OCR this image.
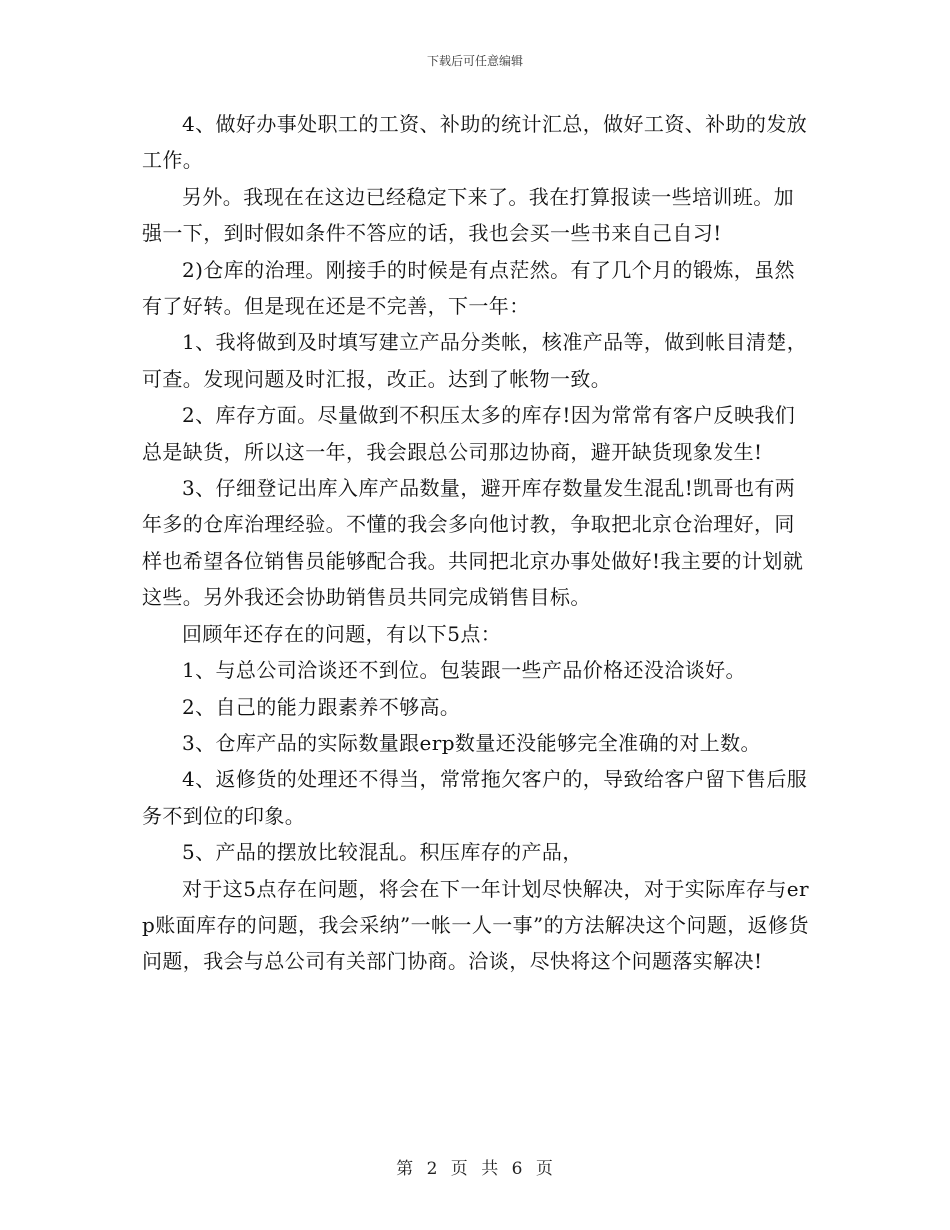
下载后可任意编辑

4、做好办事处职工的工资、补助的统计汇总，做好工资、补助的发放工作。

另外。我现在在这边已经稳定下来了。我在打算报读一些培训班。加强一下，到时假如条件不答应的话，我也会买一些书来自己自习!

2)仓库的治理。刚接手的时候是有点茫然。有了几个月的锻炼，虽然有了好转。但是现在还是不完善，下一年：

1、我将做到及时填写建立产品分类帐，核准产品等，做到帐目清楚，可查。发现问题及时汇报，改正。达到了帐物一致。

2、库存方面。尽量做到不积压太多的库存!因为常常有客户反映我们总是缺货，所以这一年，我会跟总公司那边协商，避开缺货现象发生!

3、仔细登记出库入库产品数量，避开库存数量发生混乱!凯哥也有两年多的仓库治理经验。不懂的我会多向他讨教，争取把北京仓治理好，同样也希望各位销售员能够配合我。共同把北京办事处做好!我主要的计划就这些。另外我还会协助销售员共同完成销售目标。

回顾年还存在的问题，有以下5点：

1、与总公司洽谈还不到位。包装跟一些产品价格还没洽谈好。

2、自己的能力跟素养不够高。

3、仓库产品的实际数量跟erp数量还没能够完全准确的对上数。

4、返修货的处理还不得当，常常拖欠客户的，导致给客户留下售后服务不到位的印象。

5、产品的摆放比较混乱。积压库存的产品，

对于这5点存在问题，将会在下一年计划尽快解决，对于实际库存与erp账面库存的问题，我会采纳”一帐一人一事”的方法解决这个问题，返修货问题，我会与总公司有关部门协商。洽谈，尽快将这个问题落实解决!

第 2 页 共 6 页
